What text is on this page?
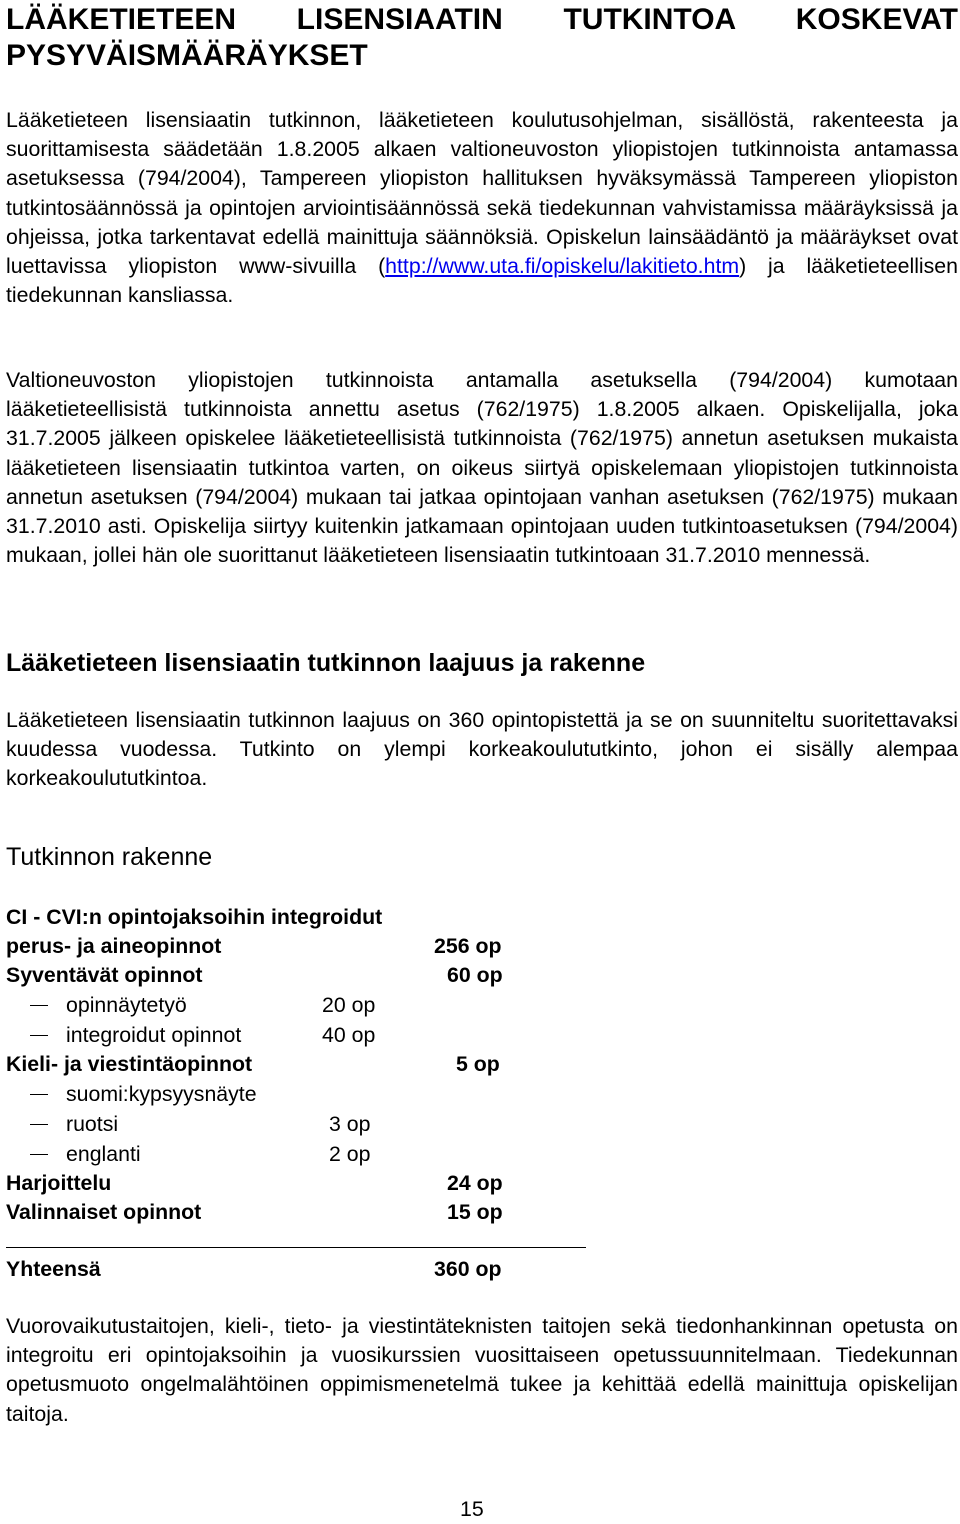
LÄÄKETIETEEN LISENSIAATIN TUTKINTOA KOSKEVAT PYSYVÄISMÄÄRÄYKSET

Lääketieteen lisensiaatin tutkinnon, lääketieteen koulutusohjelman, sisällöstä, rakenteesta ja suorittamisesta säädetään 1.8.2005 alkaen valtioneuvoston yliopistojen tutkinnoista antamassa asetuksessa (794/2004), Tampereen yliopiston hallituksen hyväksymässä Tampereen yliopiston tutkintosäännössä ja opintojen arviointisäännössä sekä tiedekunnan vahvistamissa määräyksissä ja ohjeissa, jotka tarkentavat edellä mainittuja säännöksiä. Opiskelun lainsäädäntö ja määräykset ovat luettavissa yliopiston www-sivuilla (http://www.uta.fi/opiskelu/lakitieto.htm) ja lääketieteellisen tiedekunnan kansliassa.

Valtioneuvoston yliopistojen tutkinnoista antamalla asetuksella (794/2004) kumotaan lääketieteellisistä tutkinnoista annettu asetus (762/1975) 1.8.2005 alkaen. Opiskelijalla, joka 31.7.2005 jälkeen opiskelee lääketieteellisistä tutkinnoista (762/1975) annetun asetuksen mukaista lääketieteen lisensiaatin tutkintoa varten, on oikeus siirtyä opiskelemaan yliopistojen tutkinnoista annetun asetuksen (794/2004) mukaan tai jatkaa opintojaan vanhan asetuksen (762/1975) mukaan 31.7.2010 asti. Opiskelija siirtyy kuitenkin jatkamaan opintojaan uuden tutkintoasetuksen (794/2004) mukaan, jollei hän ole suorittanut lääketieteen lisensiaatin tutkintoaan 31.7.2010 mennessä.

Lääketieteen lisensiaatin tutkinnon laajuus ja rakenne

Lääketieteen lisensiaatin tutkinnon laajuus on 360 opintopistettä ja se on suunniteltu suoritettavaksi kuudessa vuodessa. Tutkinto on ylempi korkeakoulututkinto, johon ei sisälly alempaa korkeakoulututkintoa.

Tutkinnon rakenne
CI - CVI:n opintojaksoihin integroidut
perus- ja aineopinnot	256 op
Syventävät opinnot	60 op
opinnäytetyö	20 op
integroidut opinnot	40 op
Kieli- ja viestintäopinnot	5 op
suomi:kypsyysnäyte
ruotsi	3 op
englanti	2 op
Harjoittelu	24 op
Valinnaiset opinnot	15 op
Yhteensä	360 op

Vuorovaikutustaitojen, kieli-, tieto- ja viestintäteknisten taitojen sekä tiedonhankinnan opetusta on integroitu eri opintojaksoihin ja vuosikurssien vuosittaiseen opetussuunnitelmaan. Tiedekunnan opetusmuoto ongelmalähtöinen oppimismenetelmä tukee ja kehittää edellä mainittuja opiskelijan taitoja.

15
